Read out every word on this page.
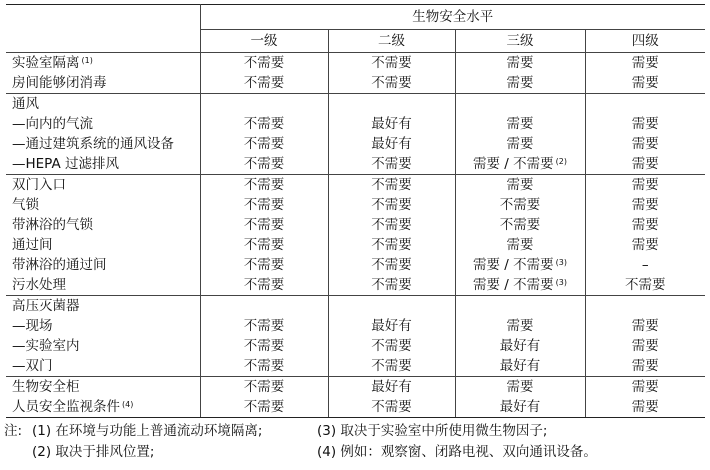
	生物安全水平			
	一级	二级	三级	四级
实验室隔离 $^{(1)}$	不需要	不需要	需要	需要
房间能够闭消毒	不需要	不需要	需要	需要
通风				
—向内的气流	不需要	最好有	需要	需要
—通过建筑系统的通风设备	不需要	最好有	需要	需要
—HEPA 过滤排风	不需要	不需要	需要 / 不需要 $^{(2)}$	需要
双门入口	不需要	不需要	需要	需要
气锁	不需要	不需要	不需要	需要
带淋浴的气锁	不需要	不需要	不需要	需要
通过间	不需要	不需要	需要	需要
带淋浴的通过间	不需要	不需要	需要 / 不需要 $^{(3)}$	–
污水处理	不需要	不需要	需要 / 不需要 $^{(3)}$	不需要
高压灭菌器				
—现场	不需要	最好有	需要	需要
—实验室内	不需要	不需要	最好有	需要
—双门	不需要	不需要	最好有	需要
生物安全柜	不需要	最好有	需要	需要
人员安全监视条件 $^{(4)}$	不需要	不需要	最好有	需要
注: (1) 在环境与功能上普通流动环境隔离;	(3) 取决于实验室中所使用微生物因子;
(2) 取决于排风位置;	(4) 例如：观察窗、闭路电视、双向通讯设备。
